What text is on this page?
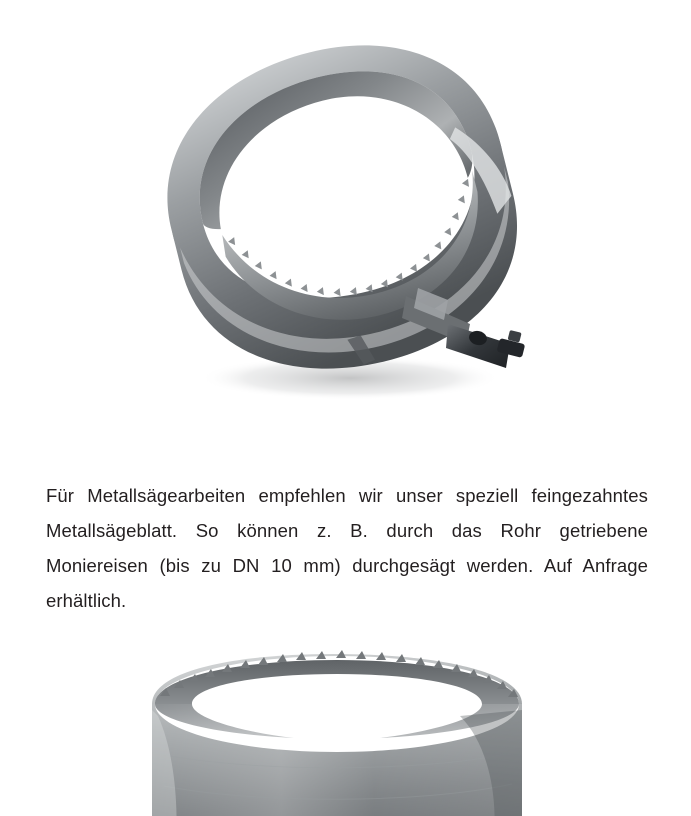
Für Metallsägearbeiten empfehlen wir unser speziell feingezahntes Metallsägeblatt. So können z. B. durch das Rohr getriebene Moniereisen (bis zu DN 10 mm) durchgesägt werden. Auf Anfrage erhältlich.
